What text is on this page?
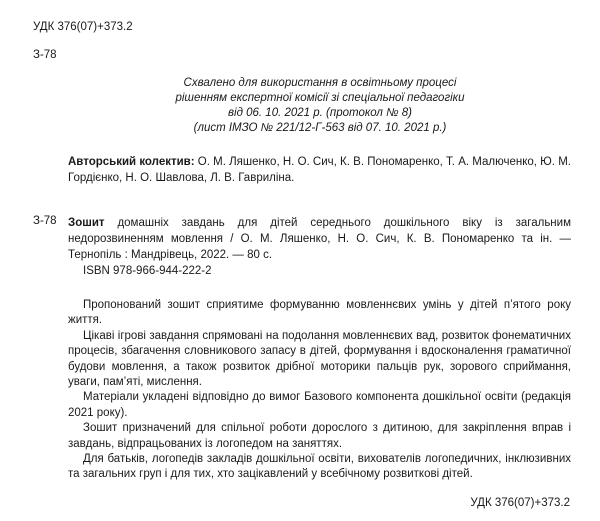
УДК 376(07)+373.2
З-78
Схвалено для використання в освітньому процесі
рішенням експертної комісії зі спеціальної педагогіки
від 06. 10. 2021 р. (протокол № 8)
(лист ІМЗО № 221/12-Г-563 від 07. 10. 2021 р.)
Авторський колектив: О. М. Ляшенко, Н. О. Сич, К. В. Пономаренко, Т. А. Малюченко, Ю. М. Гордієнко, Н. О. Шавлова, Л. В. Гавриліна.
З-78 Зошит домашніх завдань для дітей середнього дошкільного віку із загальним недорозвиненням мовлення / О. М. Ляшенко, Н. О. Сич, К. В. Пономаренко та ін. — Тернопіль : Мандрівець, 2022. — 80 с.
ISBN 978-966-944-222-2

Пропонований зошит сприятиме формуванню мовленнєвих умінь у дітей п’ятого року життя.

Цікаві ігрові завдання спрямовані на подолання мовленнєвих вад, розвиток фонематичних процесів, збагачення словникового запасу в дітей, формування і вдосконалення граматичної будови мовлення, а також розвиток дрібної моторики пальців рук, зорового сприймання, уваги, пам’яті, мислення.

Матеріали укладені відповідно до вимог Базового компонента дошкільної освіти (редакція 2021 року).

Зошит призначений для спільної роботи дорослого з дитиною, для закріплення вправ і завдань, відпрацьованих із логопедом на заняттях.

Для батьків, логопедів закладів дошкільної освіти, вихователів логопедичних, інклюзивних та загальних груп і для тих, хто зацікавлений у всебічному розвиткові дітей.

УДК 376(07)+373.2
